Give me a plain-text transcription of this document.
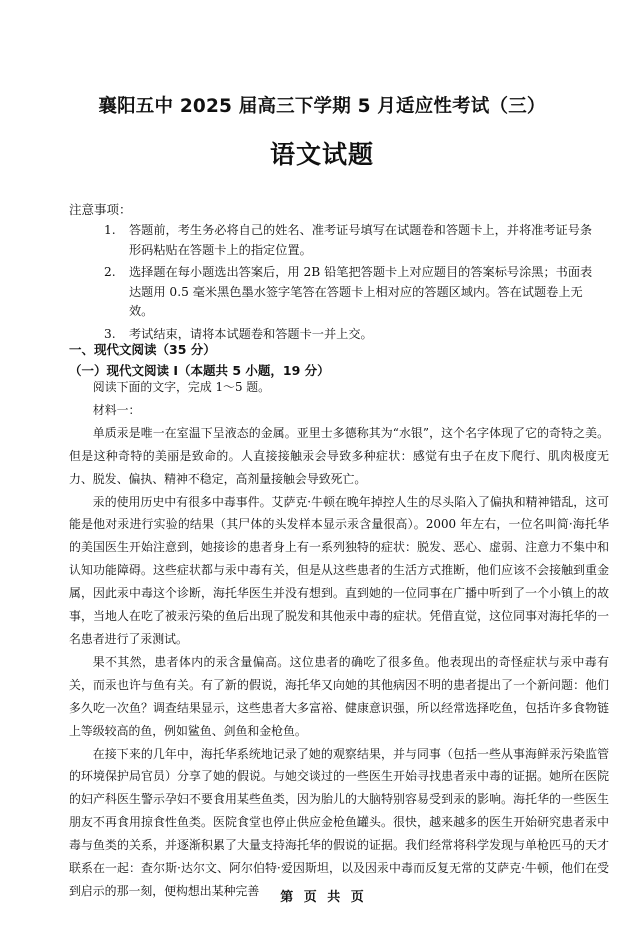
襄阳五中 2025 届高三下学期 5 月适应性考试（三）
语文试题
注意事项：
1.	答题前，考生务必将自己的姓名、准考证号填写在试题卷和答题卡上，并将准考证号条形码粘贴在答题卡上的指定位置。
2.	选择题在每小题选出答案后，用 2B 铅笔把答题卡上对应题目的答案标号涂黑；书面表达题用 0.5 毫米黑色墨水签字笔答在答题卡上相对应的答题区域内。答在试题卷上无效。
3.	考试结束，请将本试题卷和答题卡一并上交。
一、现代文阅读（35 分）
（一）现代文阅读 I（本题共 5 小题，19 分）

阅读下面的文字，完成 1～5 题。

材料一：

单质汞是唯一在室温下呈液态的金属。亚里士多德称其为“水银”，这个名字体现了它的奇特之美。但是这种奇特的美丽是致命的。人直接接触汞会导致多种症状：感觉有虫子在皮下爬行、肌肉极度无力、脱发、偏执、精神不稳定，高剂量接触会导致死亡。

汞的使用历史中有很多中毒事件。艾萨克·牛顿在晚年掉控人生的尽头陷入了偏执和精神错乱，这可能是他对汞进行实验的结果（其尸体的头发样本显示汞含量很高）。2000 年左右，一位名叫简·海托华的美国医生开始注意到，她接诊的患者身上有一系列独特的症状：脱发、恶心、虚弱、注意力不集中和认知功能障碍。这些症状都与汞中毒有关，但是从这些患者的生活方式推断，他们应该不会接触到重金属，因此汞中毒这个诊断，海托华医生并没有想到。直到她的一位同事在广播中听到了一个小镇上的故事，当地人在吃了被汞污染的鱼后出现了脱发和其他汞中毒的症状。凭借直觉，这位同事对海托华的一名患者进行了汞测试。

果不其然，患者体内的汞含量偏高。这位患者的确吃了很多鱼。他表现出的奇怪症状与汞中毒有关，而汞也许与鱼有关。有了新的假说，海托华又向她的其他病因不明的患者提出了一个新问题：他们多久吃一次鱼？调查结果显示，这些患者大多富裕、健康意识强，所以经常选择吃鱼，包括许多食物链上等级较高的鱼，例如鲨鱼、剑鱼和金枪鱼。

在接下来的几年中，海托华系统地记录了她的观察结果，并与同事（包括一些从事海鲜汞污染监管的环境保护局官员）分享了她的假说。与她交谈过的一些医生开始寻找患者汞中毒的证据。她所在医院的妇产科医生警示孕妇不要食用某些鱼类，因为胎儿的大脑特别容易受到汞的影响。海托华的一些医生朋友不再食用掠食性鱼类。医院食堂也停止供应金枪鱼罐头。很快，越来越多的医生开始研究患者汞中毒与鱼类的关系，并逐渐积累了大量支持海托华的假说的证据。我们经常将科学发现与单枪匹马的天才联系在一起：查尔斯·达尔文、阿尔伯特·爱因斯坦，以及因汞中毒而反复无常的艾萨克·牛顿，他们在受到启示的那一刻，便构想出某种完善	第 页 共 页
